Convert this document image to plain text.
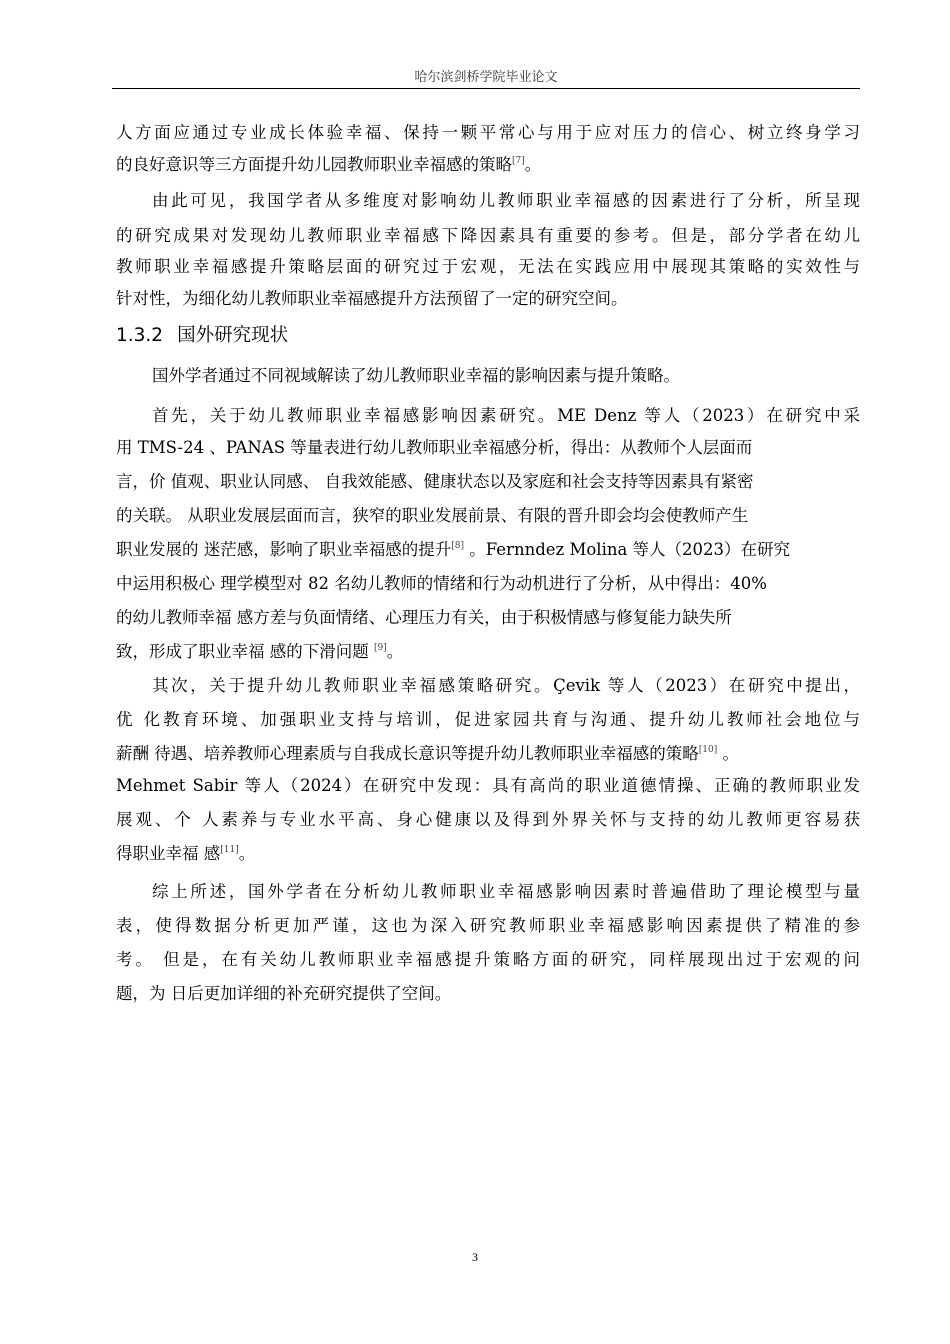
哈尔滨剑桥学院毕业论文
人方面应通过专业成长体验幸福、保持一颗平常心与用于应对压力的信心、树立终身学习
的良好意识等三方面提升幼儿园教师职业幸福感的策略[7]。
由此可见，我国学者从多维度对影响幼儿教师职业幸福感的因素进行了分析，所呈现
的研究成果对发现幼儿教师职业幸福感下降因素具有重要的参考。但是，部分学者在幼儿
教师职业幸福感提升策略层面的研究过于宏观，无法在实践应用中展现其策略的实效性与
针对性，为细化幼儿教师职业幸福感提升方法预留了一定的研究空间。
1.3.2 国外研究现状
国外学者通过不同视域解读了幼儿教师职业幸福的影响因素与提升策略。
首先，关于幼儿教师职业幸福感影响因素研究。ME Denz 等人（2023）在研究中采
用 TMS-24 、PANAS 等量表进行幼儿教师职业幸福感分析，得出：从教师个人层面而
言，价 值观、职业认同感、 自我效能感、健康状态以及家庭和社会支持等因素具有紧密
的关联。 从职业发展层面而言，狭窄的职业发展前景、有限的晋升即会均会使教师产生
职业发展的 迷茫感，影响了职业幸福感的提升[8] 。Fernndez Molina 等人（2023）在研究
中运用积极心 理学模型对 82 名幼儿教师的情绪和行为动机进行了分析，从中得出：40%
的幼儿教师幸福 感方差与负面情绪、心理压力有关，由于积极情感与修复能力缺失所
致，形成了职业幸福 感的下滑问题 [9]。
其次，关于提升幼儿教师职业幸福感策略研究。Çevik 等人（2023）在研究中提出，
优 化教育环境、加强职业支持与培训，促进家园共育与沟通、提升幼儿教师社会地位与
薪酬 待遇、培养教师心理素质与自我成长意识等提升幼儿教师职业幸福感的策略[10] 。
Mehmet Sabir 等人（2024）在研究中发现：具有高尚的职业道德情操、正确的教师职业发
展观、个 人素养与专业水平高、身心健康以及得到外界关怀与支持的幼儿教师更容易获
得职业幸福 感[11]。
综上所述，国外学者在分析幼儿教师职业幸福感影响因素时普遍借助了理论模型与量
表，使得数据分析更加严谨，这也为深入研究教师职业幸福感影响因素提供了精准的参
考。 但是，在有关幼儿教师职业幸福感提升策略方面的研究，同样展现出过于宏观的问
题，为 日后更加详细的补充研究提供了空间。
3
